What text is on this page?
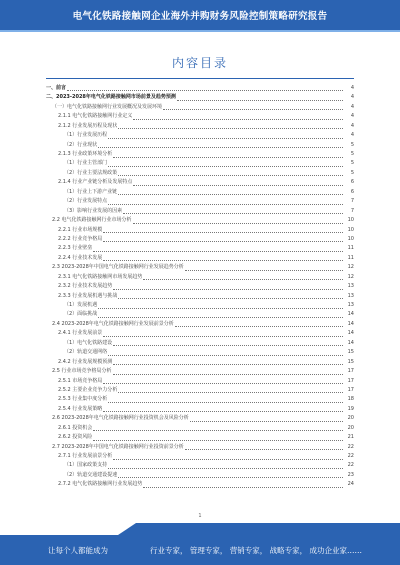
电气化铁路接触网企业海外并购财务风险控制策略研究报告
内容目录
一、前言	4
二、2023-2028年电气化铁路接触网市场前景及趋势预测	4
（一）电气化铁路接触网行业发展概况及发展环境	4
2.1.1 电气化铁路接触网行业定义	4
2.1.2 行业发展历程及现状	4
（1）行业发展历程	4
（2）行业现状	5
2.1.3 行业政策环境分析	5
（1）行业主管部门	5
（2）行业主要法规政策	5
2.1.4 行业产业链分析及发展特点	6
（1）行业上下游产业链	6
（2）行业发展特点	7
（3）影响行业发展的因素	7
2.2 电气化铁路接触网行业市场分析	10
2.2.1 行业市场规模	10
2.2.2 行业竞争格局	10
2.2.3 行业壁垒	11
2.2.4 行业技术发展	11
2.3 2023-2028年中国电气化铁路接触网行业发展趋势分析	12
2.3.1 电气化铁路接触网市场发展趋势	12
2.3.2 行业技术发展趋势	13
2.3.3 行业发展机遇与挑战	13
（1）发展机遇	13
（2）面临挑战	14
2.4 2023-2028年电气化铁路接触网行业发展前景分析	14
2.4.1 行业发展前景	14
（1）电气化铁路建设	14
（2）轨道交通网络	15
2.4.2 行业发展规模预测	15
2.5 行业市场竞争格局分析	17
2.5.1 市场竞争格局	17
2.5.2 主要企业竞争力分析	17
2.5.3 行业集中度分析	18
2.5.4 行业发展策略	19
2.6 2023-2028年电气化铁路接触网行业投资机会及风险分析	20
2.6.1 投资机会	20
2.6.2 投资风险	21
2.7 2023-2028年中国电气化铁路接触网行业投资前景分析	22
2.7.1 行业发展前景分析	22
（1）国家政策支持	22
（2）轨道交通建设提速	23
2.7.2 电气化铁路接触网行业发展趋势	24
1
让每个人都能成为	行业专家， 管理专家， 营销专家， 战略专家， 成功企业家……
